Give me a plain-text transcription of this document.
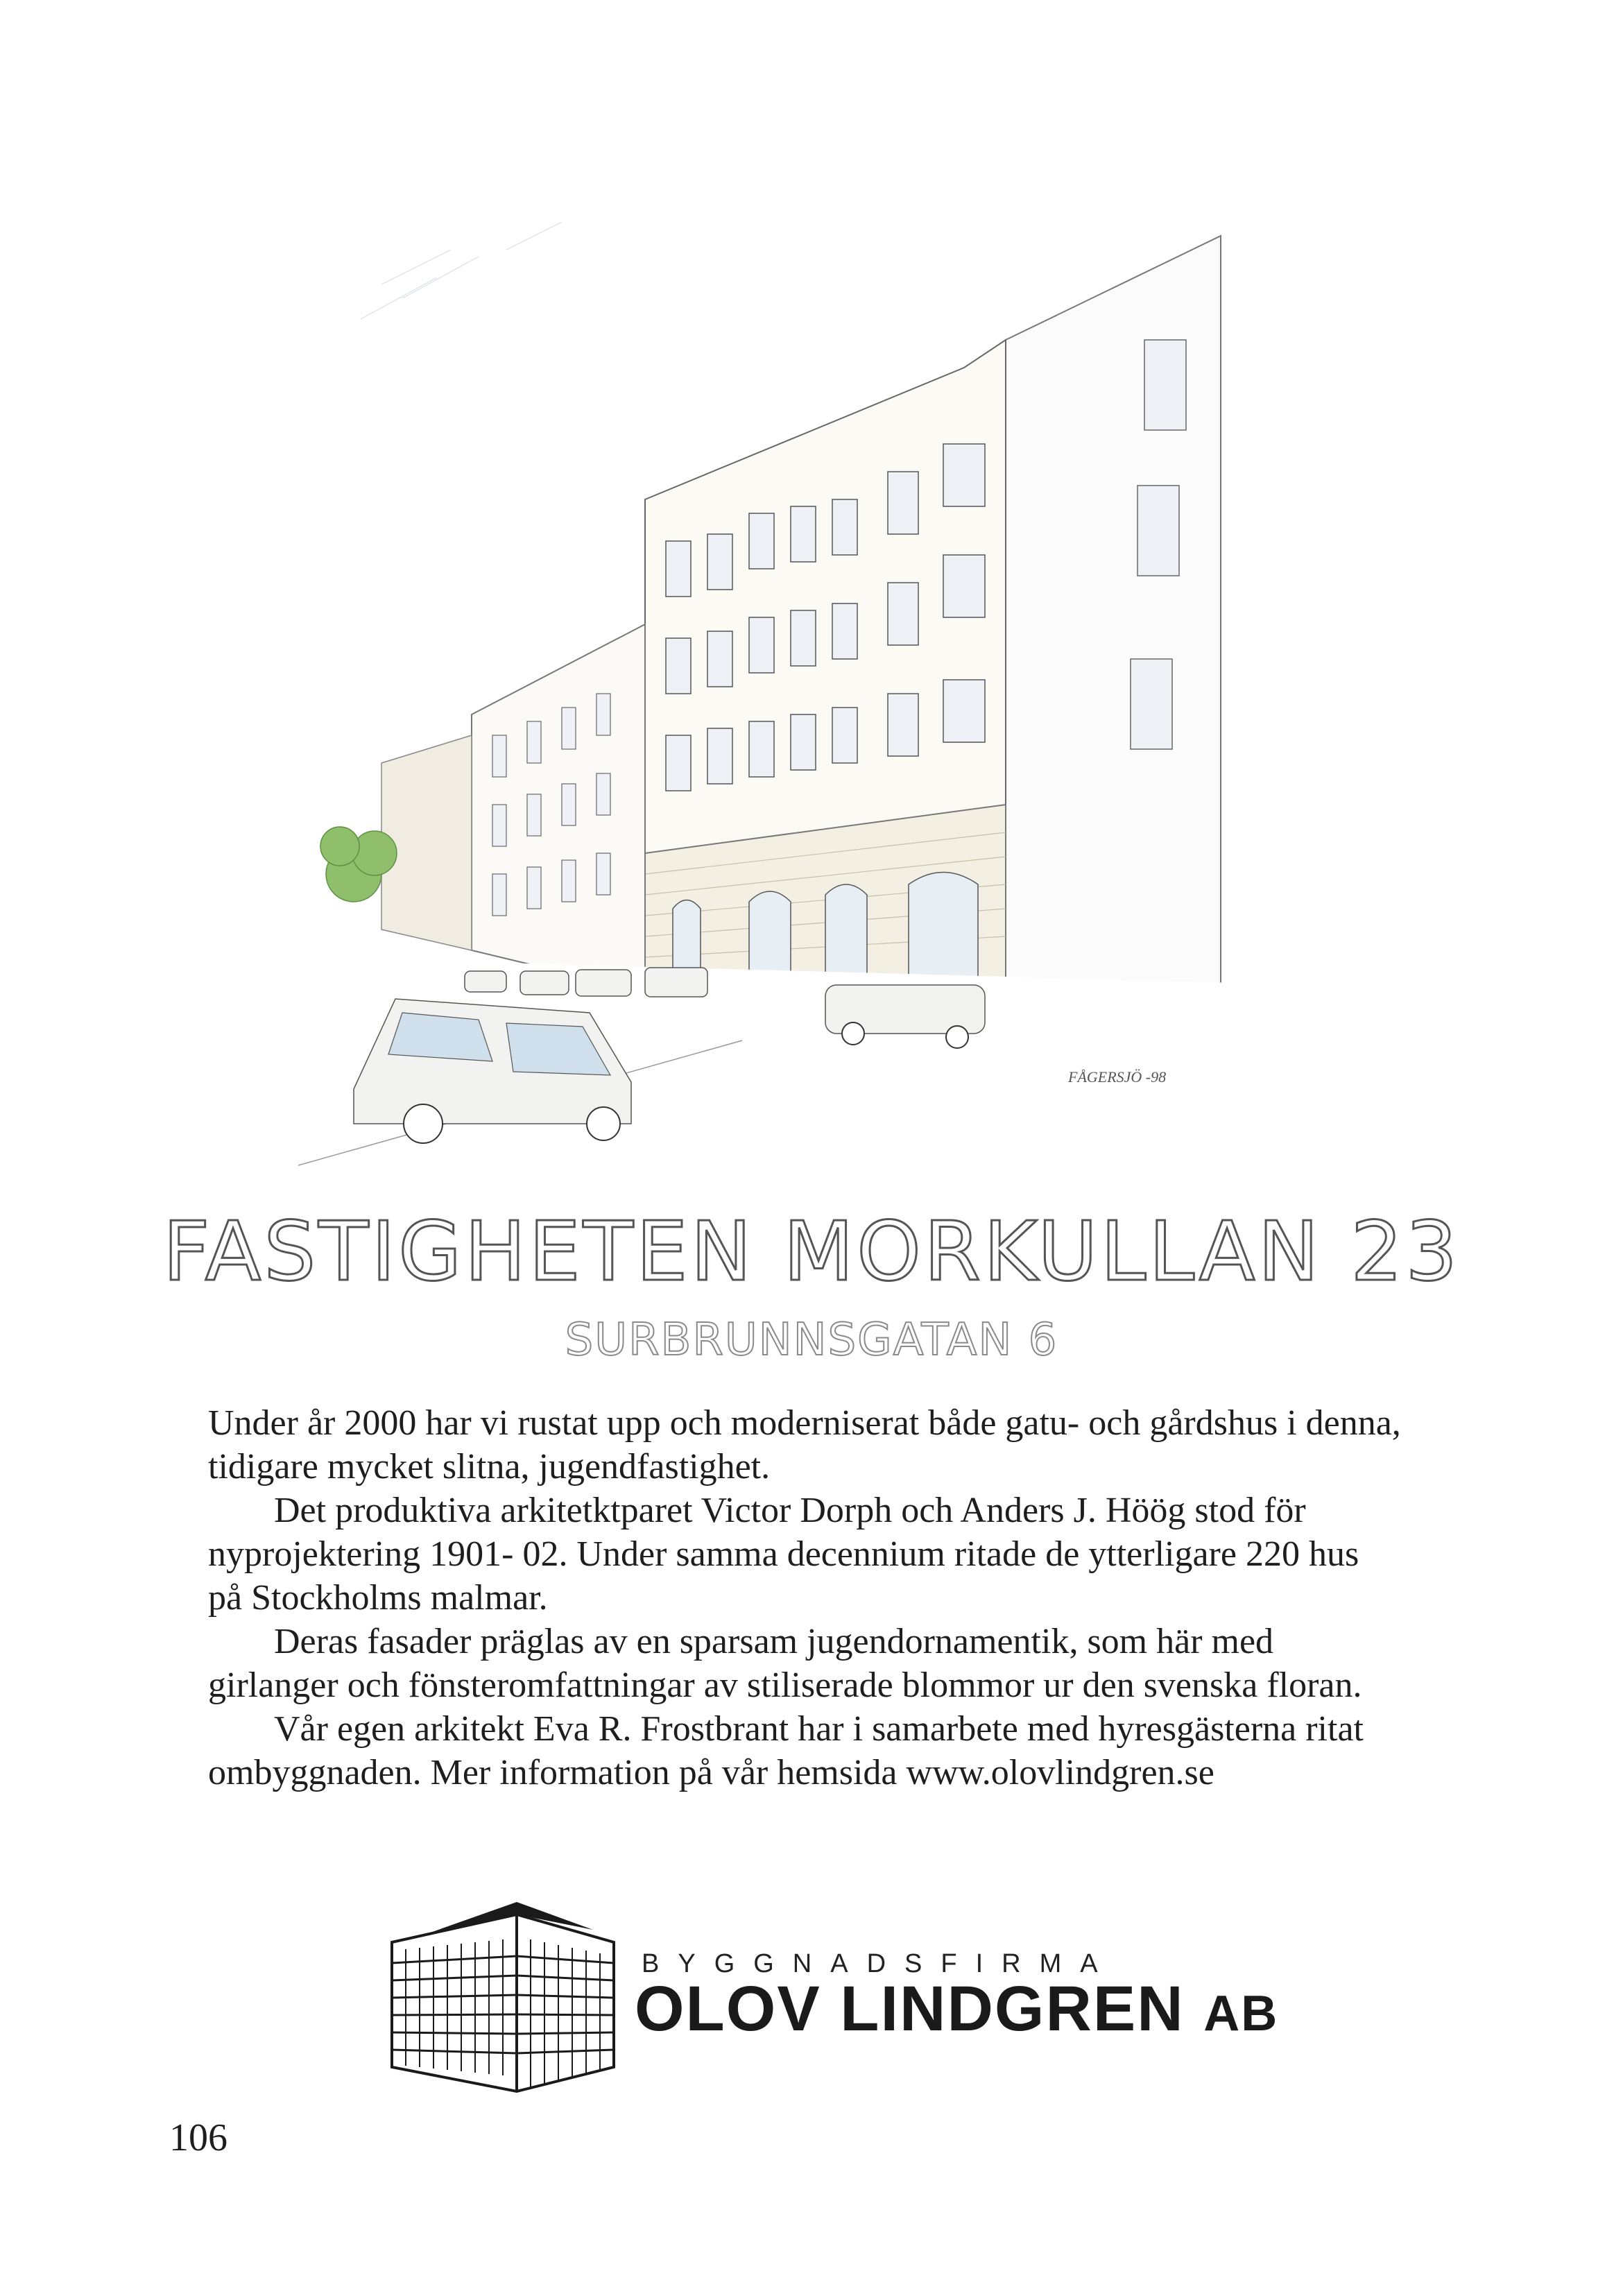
FÅGERSJÖ -98
FASTIGHETEN MORKULLAN 23
SURBRUNNSGATAN 6

Under år 2000 har vi rustat upp och moderniserat både gatu- och gårdshus i denna, tidigare mycket slitna, jugendfastighet.

Det produktiva arkitetktparet Victor Dorph och Anders J. Höög stod för nyprojektering 1901- 02. Under samma decennium ritade de ytterligare 220 hus på Stockholms malmar.

Deras fasader präglas av en sparsam jugendornamentik, som här med girlanger och fönsteromfattningar av stiliserade blommor ur den svenska floran.

Vår egen arkitekt Eva R. Frostbrant har i samarbete med hyresgästerna ritat ombyggnaden. Mer information på vår hemsida www.olovlindgren.se

BYGGNADSFIRMA
OLOV LINDGREN AB
106
